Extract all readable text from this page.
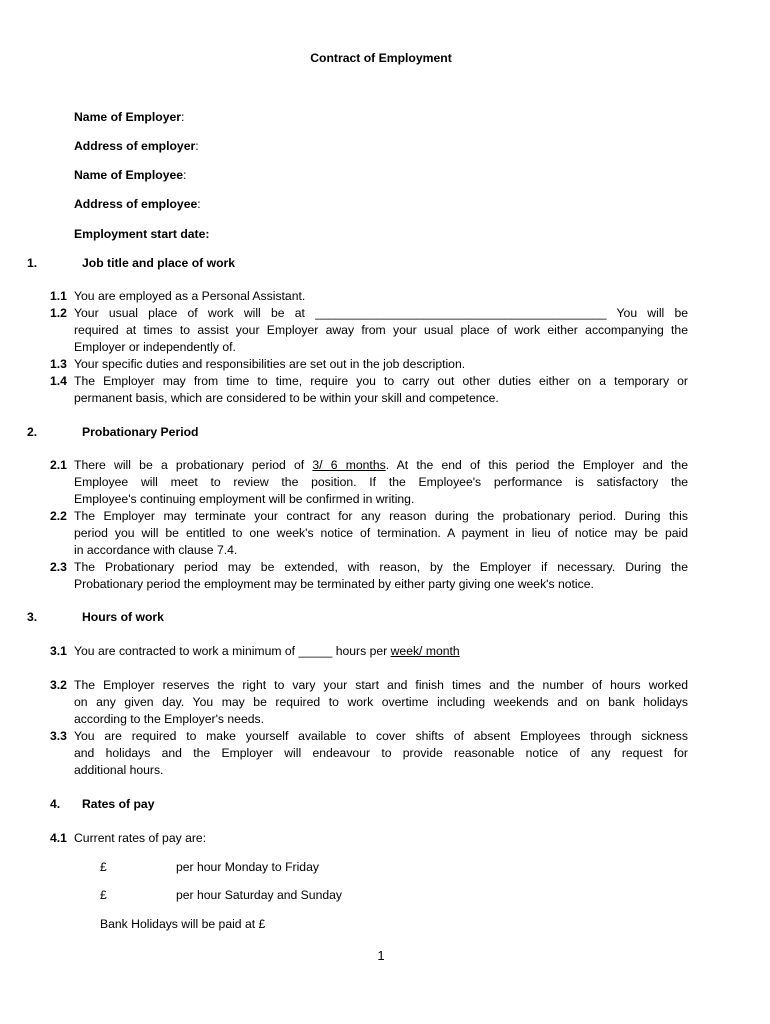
Contract of Employment
Name of Employer:
Address of employer:
Name of Employee:
Address of employee:
Employment start date:
1.	Job title and place of work
1.1 You are employed as a Personal Assistant.
1.2 Your usual place of work will be at ___________________________________________ You will be
required at times to assist your Employer away from your usual place of work either accompanying the
Employer or independently of.
1.3 Your specific duties and responsibilities are set out in the job description.
1.4 The Employer may from time to time, require you to carry out other duties either on a temporary or
permanent basis, which are considered to be within your skill and competence.
2.	Probationary Period
2.1 There will be a probationary period of 3/ 6 months. At the end of this period the Employer and the
Employee will meet to review the position. If the Employee's performance is satisfactory the
Employee's continuing employment will be confirmed in writing.
2.2 The Employer may terminate your contract for any reason during the probationary period. During this
period you will be entitled to one week's notice of termination. A payment in lieu of notice may be paid
in accordance with clause 7.4.
2.3 The Probationary period may be extended, with reason, by the Employer if necessary. During the
Probationary period the employment may be terminated by either party giving one week's notice.
3.	Hours of work
3.1 You are contracted to work a minimum of _____ hours per week/ month
3.2 The Employer reserves the right to vary your start and finish times and the number of hours worked
on any given day. You may be required to work overtime including weekends and on bank holidays
according to the Employer's needs.
3.3 You are required to make yourself available to cover shifts of absent Employees through sickness
and holidays and the Employer will endeavour to provide reasonable notice of any request for
additional hours.
4. Rates of pay
4.1 Current rates of pay are:
£	per hour Monday to Friday
£	per hour Saturday and Sunday
Bank Holidays will be paid at £
1
